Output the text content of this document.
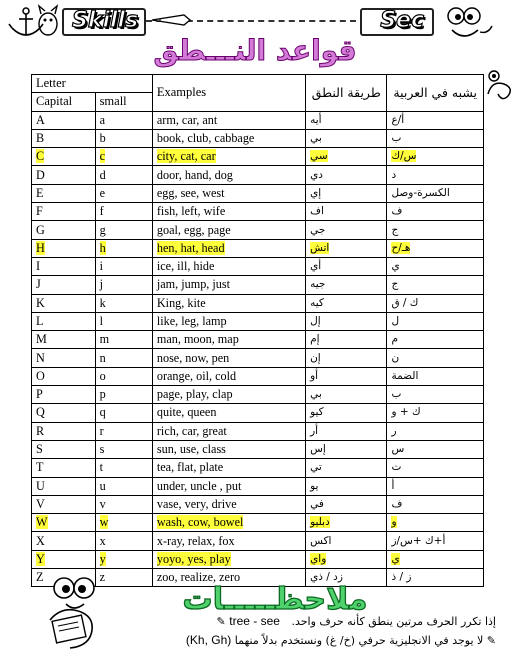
Skills	Sec
قواعد النـــطق
Letter		Examples	طريقة النطق	يشبه في العربية
Capital	small			
A	a	arm, car, ant	أيه	أ/ع
B	b	book, club, cabbage	بي	ب
C	c	city, cat, car	سي	س/ك
D	d	door, hand, dog	دي	د
E	e	egg, see, west	إي	الكسرة-وصل
F	f	fish, left, wife	اف	ف
G	g	goal, egg, page	جي	ج
H	h	hen, hat, head	اتش	هـ/ح
I	i	ice, ill, hide	أي	ي
J	j	jam, jump, just	جيه	ج
K	k	King, kite	كيه	ك / ق
L	l	like, leg, lamp	إل	ل
M	m	man, moon, map	إم	م
N	n	nose, now, pen	إن	ن
O	o	orange, oil, cold	أو	الضمة
P	p	page, play, clap	بي	ب
Q	q	quite, queen	كيو	ك + و
R	r	rich, car, great	أر	ر
S	s	sun, use, class	إس	س
T	t	tea, flat, plate	تي	ت
U	u	under, uncle , put	يو	أ
V	v	vase, very, drive	في	ف
W	w	wash, cow, bowel	دبليو	و
X	x	x-ray, relax, fox	اكس	أ+ك +س/ز
Y	y	yoyo, yes, play	واي	ي
Z	z	zoo, realize, zero	زد / ذي	ز / ذ
ملاحظـــــات
إذا تكرر الحرف مرتين ينطق كأنه حرف واحد. tree - see ✎
✎ لا يوجد في الانجليزية حرفي (خ/ غ) ونستخدم بدلاً منهما (Kh, Gh)
